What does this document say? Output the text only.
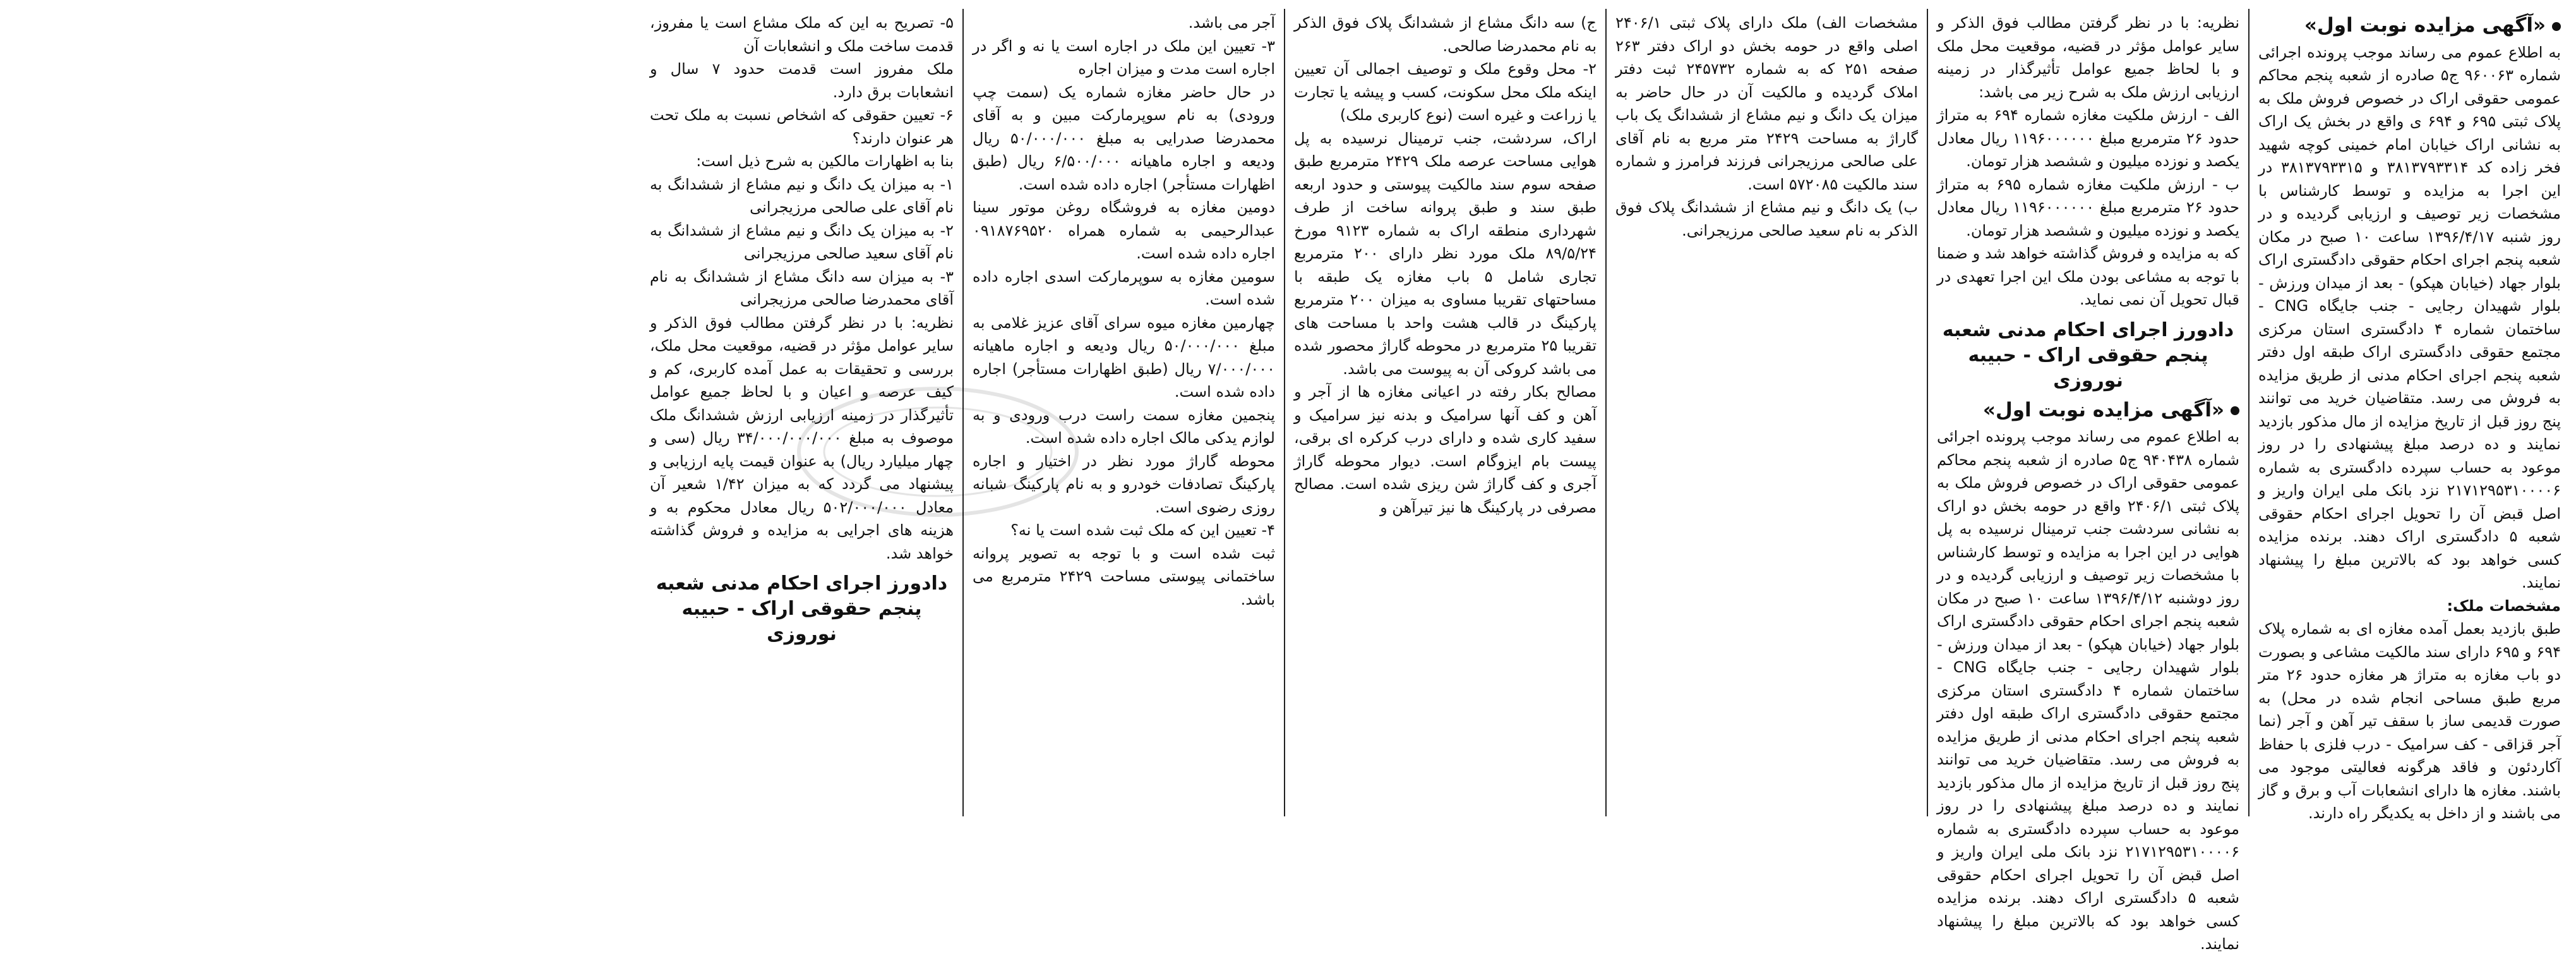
«آگهی مزایده نوبت اول»

به اطلاع عموم می رساند موجب پرونده اجرائی شماره ۹۶۰۰۶۳ ج۵ صادره از شعبه پنجم محاکم عمومی حقوقی اراک در خصوص فروش ملک به پلاک ثبتی ۶۹۵ و ۶۹۴ ی واقع در بخش یک اراک به نشانی اراک خیابان امام خمینی کوچه شهید فخر زاده کد ۳۸۱۳۷۹۳۳۱۴ و ۳۸۱۳۷۹۳۳۱۵ در این اجرا به مزایده و توسط کارشناس با مشخصات زیر توصیف و ارزیابی گردیده و در روز شنبه ۱۳۹۶/۴/۱۷ ساعت ۱۰ صبح در مکان شعبه پنجم اجرای احکام حقوقی دادگستری اراک بلوار جهاد (خیابان هپکو) - بعد از میدان ورزش - بلوار شهیدان رجایی - جنب جایگاه CNG - ساختمان شماره ۴ دادگستری استان مرکزی مجتمع حقوقی دادگستری اراک طبقه اول دفتر شعبه پنجم اجرای احکام مدنی از طریق مزایده به فروش می رسد. متقاضیان خرید می توانند پنج روز قبل از تاریخ مزایده از مال مذکور بازدید نمایند و ده درصد مبلغ پیشنهادی را در روز موعود به حساب سپرده دادگستری به شماره ۲۱۷۱۲۹۵۳۱۰۰۰۰۶ نزد بانک ملی ایران واریز و اصل قبض آن را تحویل اجرای احکام حقوقی شعبه ۵ دادگستری اراک دهند. برنده مزایده کسی خواهد بود که بالاترین مبلغ را پیشنهاد نمایند.

مشخصات ملک:

طبق بازدید بعمل آمده مغازه ای به شماره پلاک ۶۹۴ و ۶۹۵ دارای سند مالکیت مشاعی و بصورت دو باب مغازه به متراژ هر مغازه حدود ۲۶ متر مربع طبق مساحی انجام شده در محل) به صورت قدیمی ساز با سقف تیر آهن و آجر (نما آجر قزاقی - کف سرامیک - درب فلزی با حفاظ آکاردئون و فاقد هرگونه فعالیتی موجود می باشند. مغازه ها دارای انشعابات آب و برق و گاز می باشند و از داخل به یکدیگر راه دارند.

نظریه: با در نظر گرفتن مطالب فوق الذکر و سایر عوامل مؤثر در قضیه، موقعیت محل ملک و با لحاظ جمیع عوامل تأثیرگذار در زمینه ارزیابی ارزش ملک به شرح زیر می باشد:

الف - ارزش ملکیت مغازه شماره ۶۹۴ به متراژ حدود ۲۶ مترمربع مبلغ ۱۱۹۶۰۰۰۰۰۰ ریال معادل یکصد و نوزده میلیون و ششصد هزار تومان.

ب - ارزش ملکیت مغازه شماره ۶۹۵ به متراژ حدود ۲۶ مترمربع مبلغ ۱۱۹۶۰۰۰۰۰۰ ریال معادل یکصد و نوزده میلیون و ششصد هزار تومان.

که به مزایده و فروش گذاشته خواهد شد و ضمنا با توجه به مشاعی بودن ملک این اجرا تعهدی در قبال تحویل آن نمی نماید.

دادورز اجرای احکام مدنی شعبه پنجم حقوقی اراک - حبیبه نوروزی
«آگهی مزایده نوبت اول»

به اطلاع عموم می رساند موجب پرونده اجرائی شماره ۹۴۰۴۳۸ ج۵ صادره از شعبه پنجم محاکم عمومی حقوقی اراک در خصوص فروش ملک به پلاک ثبتی ۲۴۰۶/۱ واقع در حومه بخش دو اراک به نشانی سردشت جنب ترمینال نرسیده به پل هوایی در این اجرا به مزایده و توسط کارشناس با مشخصات زیر توصیف و ارزیابی گردیده و در روز دوشنبه ۱۳۹۶/۴/۱۲ ساعت ۱۰ صبح در مکان شعبه پنجم اجرای احکام حقوقی دادگستری اراک بلوار جهاد (خیابان هپکو) - بعد از میدان ورزش - بلوار شهیدان رجایی - جنب جایگاه CNG - ساختمان شماره ۴ دادگستری استان مرکزی مجتمع حقوقی دادگستری اراک طبقه اول دفتر شعبه پنجم اجرای احکام مدنی از طریق مزایده به فروش می رسد. متقاضیان خرید می توانند پنج روز قبل از تاریخ مزایده از مال مذکور بازدید نمایند و ده درصد مبلغ پیشنهادی را در روز موعود به حساب سپرده دادگستری به شماره ۲۱۷۱۲۹۵۳۱۰۰۰۰۶ نزد بانک ملی ایران واریز و اصل قبض آن را تحویل اجرای احکام حقوقی شعبه ۵ دادگستری اراک دهند. برنده مزایده کسی خواهد بود که بالاترین مبلغ را پیشنهاد نمایند.

مشخصات الف) ملک دارای پلاک ثبتی ۲۴۰۶/۱ اصلی واقع در حومه بخش دو اراک دفتر ۲۶۳ صفحه ۲۵۱ که به شماره ۲۴۵۷۳۲ ثبت دفتر املاک گردیده و مالکیت آن در حال حاضر به میزان یک دانگ و نیم مشاع از ششدانگ یک باب گاراژ به مساحت ۲۴۲۹ متر مربع به نام آقای علی صالحی مرزیجرانی فرزند فرامرز و شماره سند مالکیت ۵۷۲۰۸۵ است.

ب) یک دانگ و نیم مشاع از ششدانگ پلاک فوق الذکر به نام سعید صالحی مرزیجرانی.

ج) سه دانگ مشاع از ششدانگ پلاک فوق الذکر به نام محمدرضا صالحی.

۲- محل وقوع ملک و توصیف اجمالی آن تعیین اینکه ملک محل سکونت، کسب و پیشه یا تجارت یا زراعت و غیره است (نوع کاربری ملک)

اراک، سردشت، جنب ترمینال نرسیده به پل هوایی مساحت عرصه ملک ۲۴۲۹ مترمربع طبق صفحه سوم سند مالکیت پیوستی و حدود اربعه طبق سند و طبق پروانه ساخت از طرف شهرداری منطقه اراک به شماره ۹۱۲۳ مورخ ۸۹/۵/۲۴ ملک مورد نظر دارای ۲۰۰ مترمربع تجاری شامل ۵ باب مغازه یک طبقه با مساحتهای تقریبا مساوی به میزان ۲۰۰ مترمربع پارکینگ در قالب هشت واحد با مساحت های تقریبا ۲۵ مترمربع در محوطه گاراژ محصور شده می باشد کروکی آن به پیوست می باشد.

مصالح بکار رفته در اعیانی مغازه ها از آجر و آهن و کف آنها سرامیک و بدنه نیز سرامیک و سفید کاری شده و دارای درب کرکره ای برقی، پیست بام ایزوگام است. دیوار محوطه گاراژ آجری و کف گاراژ شن ریزی شده است. مصالح مصرفی در پارکینگ ها نیز تیرآهن و

آجر می باشد.

۳- تعیین این ملک در اجاره است یا نه و اگر در اجاره است مدت و میزان اجاره

در حال حاضر مغازه شماره یک (سمت چپ ورودی) به نام سوپرمارکت مبین و به آقای محمدرضا صدرایی به مبلغ ۵۰/۰۰۰/۰۰۰ ریال ودیعه و اجاره ماهیانه ۶/۵۰۰/۰۰۰ ریال (طبق اظهارات مستأجر) اجاره داده شده است.

دومین مغازه به فروشگاه روغن موتور سینا عبدالرحیمی به شماره همراه ۰۹۱۸۷۶۹۵۲۰ اجاره داده شده است.

سومین مغازه به سوپرمارکت اسدی اجاره داده شده است.

چهارمین مغازه میوه سرای آقای عزیز غلامی به مبلغ ۵۰/۰۰۰/۰۰۰ ریال ودیعه و اجاره ماهیانه ۷/۰۰۰/۰۰۰ ریال (طبق اظهارات مستأجر) اجاره داده شده است.

پنجمین مغازه سمت راست درب ورودی و به لوازم یدکی مالک اجاره داده شده است.

محوطه گاراژ مورد نظر در اختیار و اجاره پارکینگ تصادفات خودرو و به نام پارکینگ شبانه روزی رضوی است.

۴- تعیین این که ملک ثبت شده است یا نه؟

ثبت شده است و با توجه به تصویر پروانه ساختمانی پیوستی مساحت ۲۴۲۹ مترمربع می باشد.

۵- تصریح به این که ملک مشاع است یا مفروز، قدمت ساخت ملک و انشعابات آن

ملک مفروز است قدمت حدود ۷ سال و انشعابات برق دارد.

۶- تعیین حقوقی که اشخاص نسبت به ملک تحت هر عنوان دارند؟

بنا به اظهارات مالکین به شرح ذیل است:

۱- به میزان یک دانگ و نیم مشاع از ششدانگ به نام آقای علی صالحی مرزیجرانی

۲- به میزان یک دانگ و نیم مشاع از ششدانگ به نام آقای سعید صالحی مرزیجرانی

۳- به میزان سه دانگ مشاع از ششدانگ به نام آقای محمدرضا صالحی مرزیجرانی

نظریه: با در نظر گرفتن مطالب فوق الذکر و سایر عوامل مؤثر در قضیه، موقعیت محل ملک، بررسی و تحقیقات به عمل آمده کاربری، کم و کیف عرصه و اعیان و با لحاظ جمیع عوامل تأثیرگذار در زمینه ارزیابی ارزش ششدانگ ملک موصوف به مبلغ ۳۴/۰۰۰/۰۰۰/۰۰۰ ریال (سی و چهار میلیارد ریال) به عنوان قیمت پایه ارزیابی و پیشنهاد می گردد که به میزان ۱/۴۲ شعیر آن معادل ۵۰۲/۰۰۰/۰۰۰ ریال معادل محکوم به و هزینه های اجرایی به مزایده و فروش گذاشته خواهد شد.

دادورز اجرای احکام مدنی شعبه پنجم حقوقی اراک - حبیبه نوروزی
